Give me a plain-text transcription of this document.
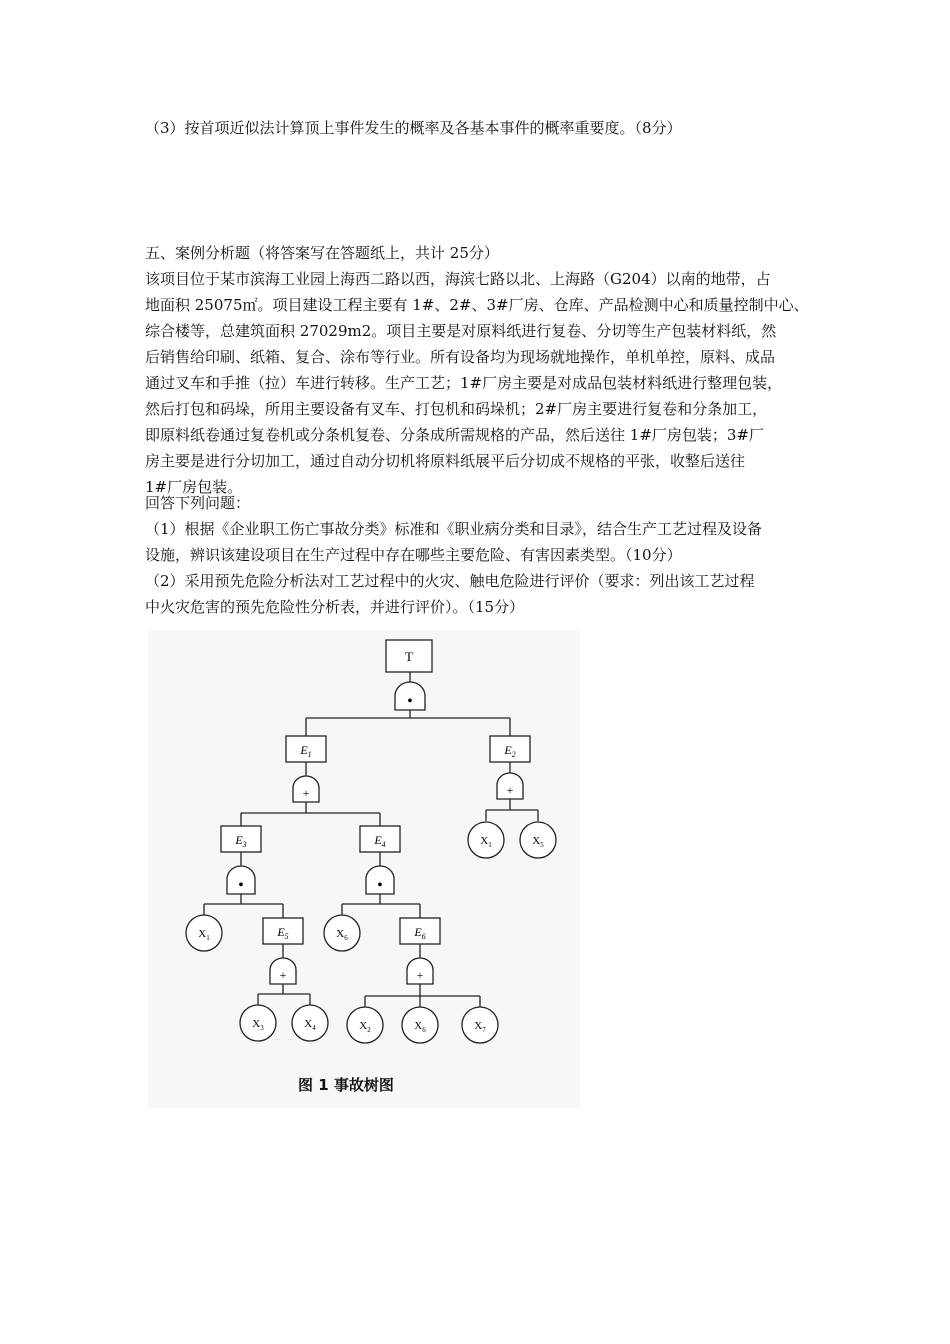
（3）按首项近似法计算顶上事件发生的概率及各基本事件的概率重要度。（8分）
五、案例分析题（将答案写在答题纸上，共计 25分）
该项目位于某市滨海工业园上海西二路以西，海滨七路以北、上海路（G204）以南的地带，占
地面积 25075㎡。项目建设工程主要有 1#、2#、3#厂房、仓库、产品检测中心和质量控制中心、
综合楼等，总建筑面积 27029m2。项目主要是对原料纸进行复卷、分切等生产包装材料纸，然
后销售给印刷、纸箱、复合、涂布等行业。所有设备均为现场就地操作，单机单控，原料、成品
通过叉车和手推（拉）车进行转移。生产工艺；1#厂房主要是对成品包装材料纸进行整理包装，
然后打包和码垛，所用主要设备有叉车、打包机和码垛机；2#厂房主要进行复卷和分条加工，
即原料纸卷通过复卷机或分条机复卷、分条成所需规格的产品，然后送往 1#厂房包装；3#厂
房主要是进行分切加工，通过自动分切机将原料纸展平后分切成不规格的平张，收整后送往
1#厂房包装。
回答下列问题：
（1）根据《企业职工伤亡事故分类》标准和《职业病分类和目录》，结合生产工艺过程及设备
设施，辨识该建设项目在生产过程中存在哪些主要危险、有害因素类型。（10分）
（2）采用预先危险分析法对工艺过程中的火灾、触电危险进行评价（要求：列出该工艺过程
中火灾危害的预先危险性分析表，并进行评价）。（15分）
T
•
$E_1$	$E_2$
+	+
$E_3$	$E_4$	$X_1$	$X_5$
•	•
$X_1$	$E_5$	$X_6$	$E_6$
+	+
$X_3$	$X_4$	$X_2$	$X_6$	$X_7$
图 1 事故树图
